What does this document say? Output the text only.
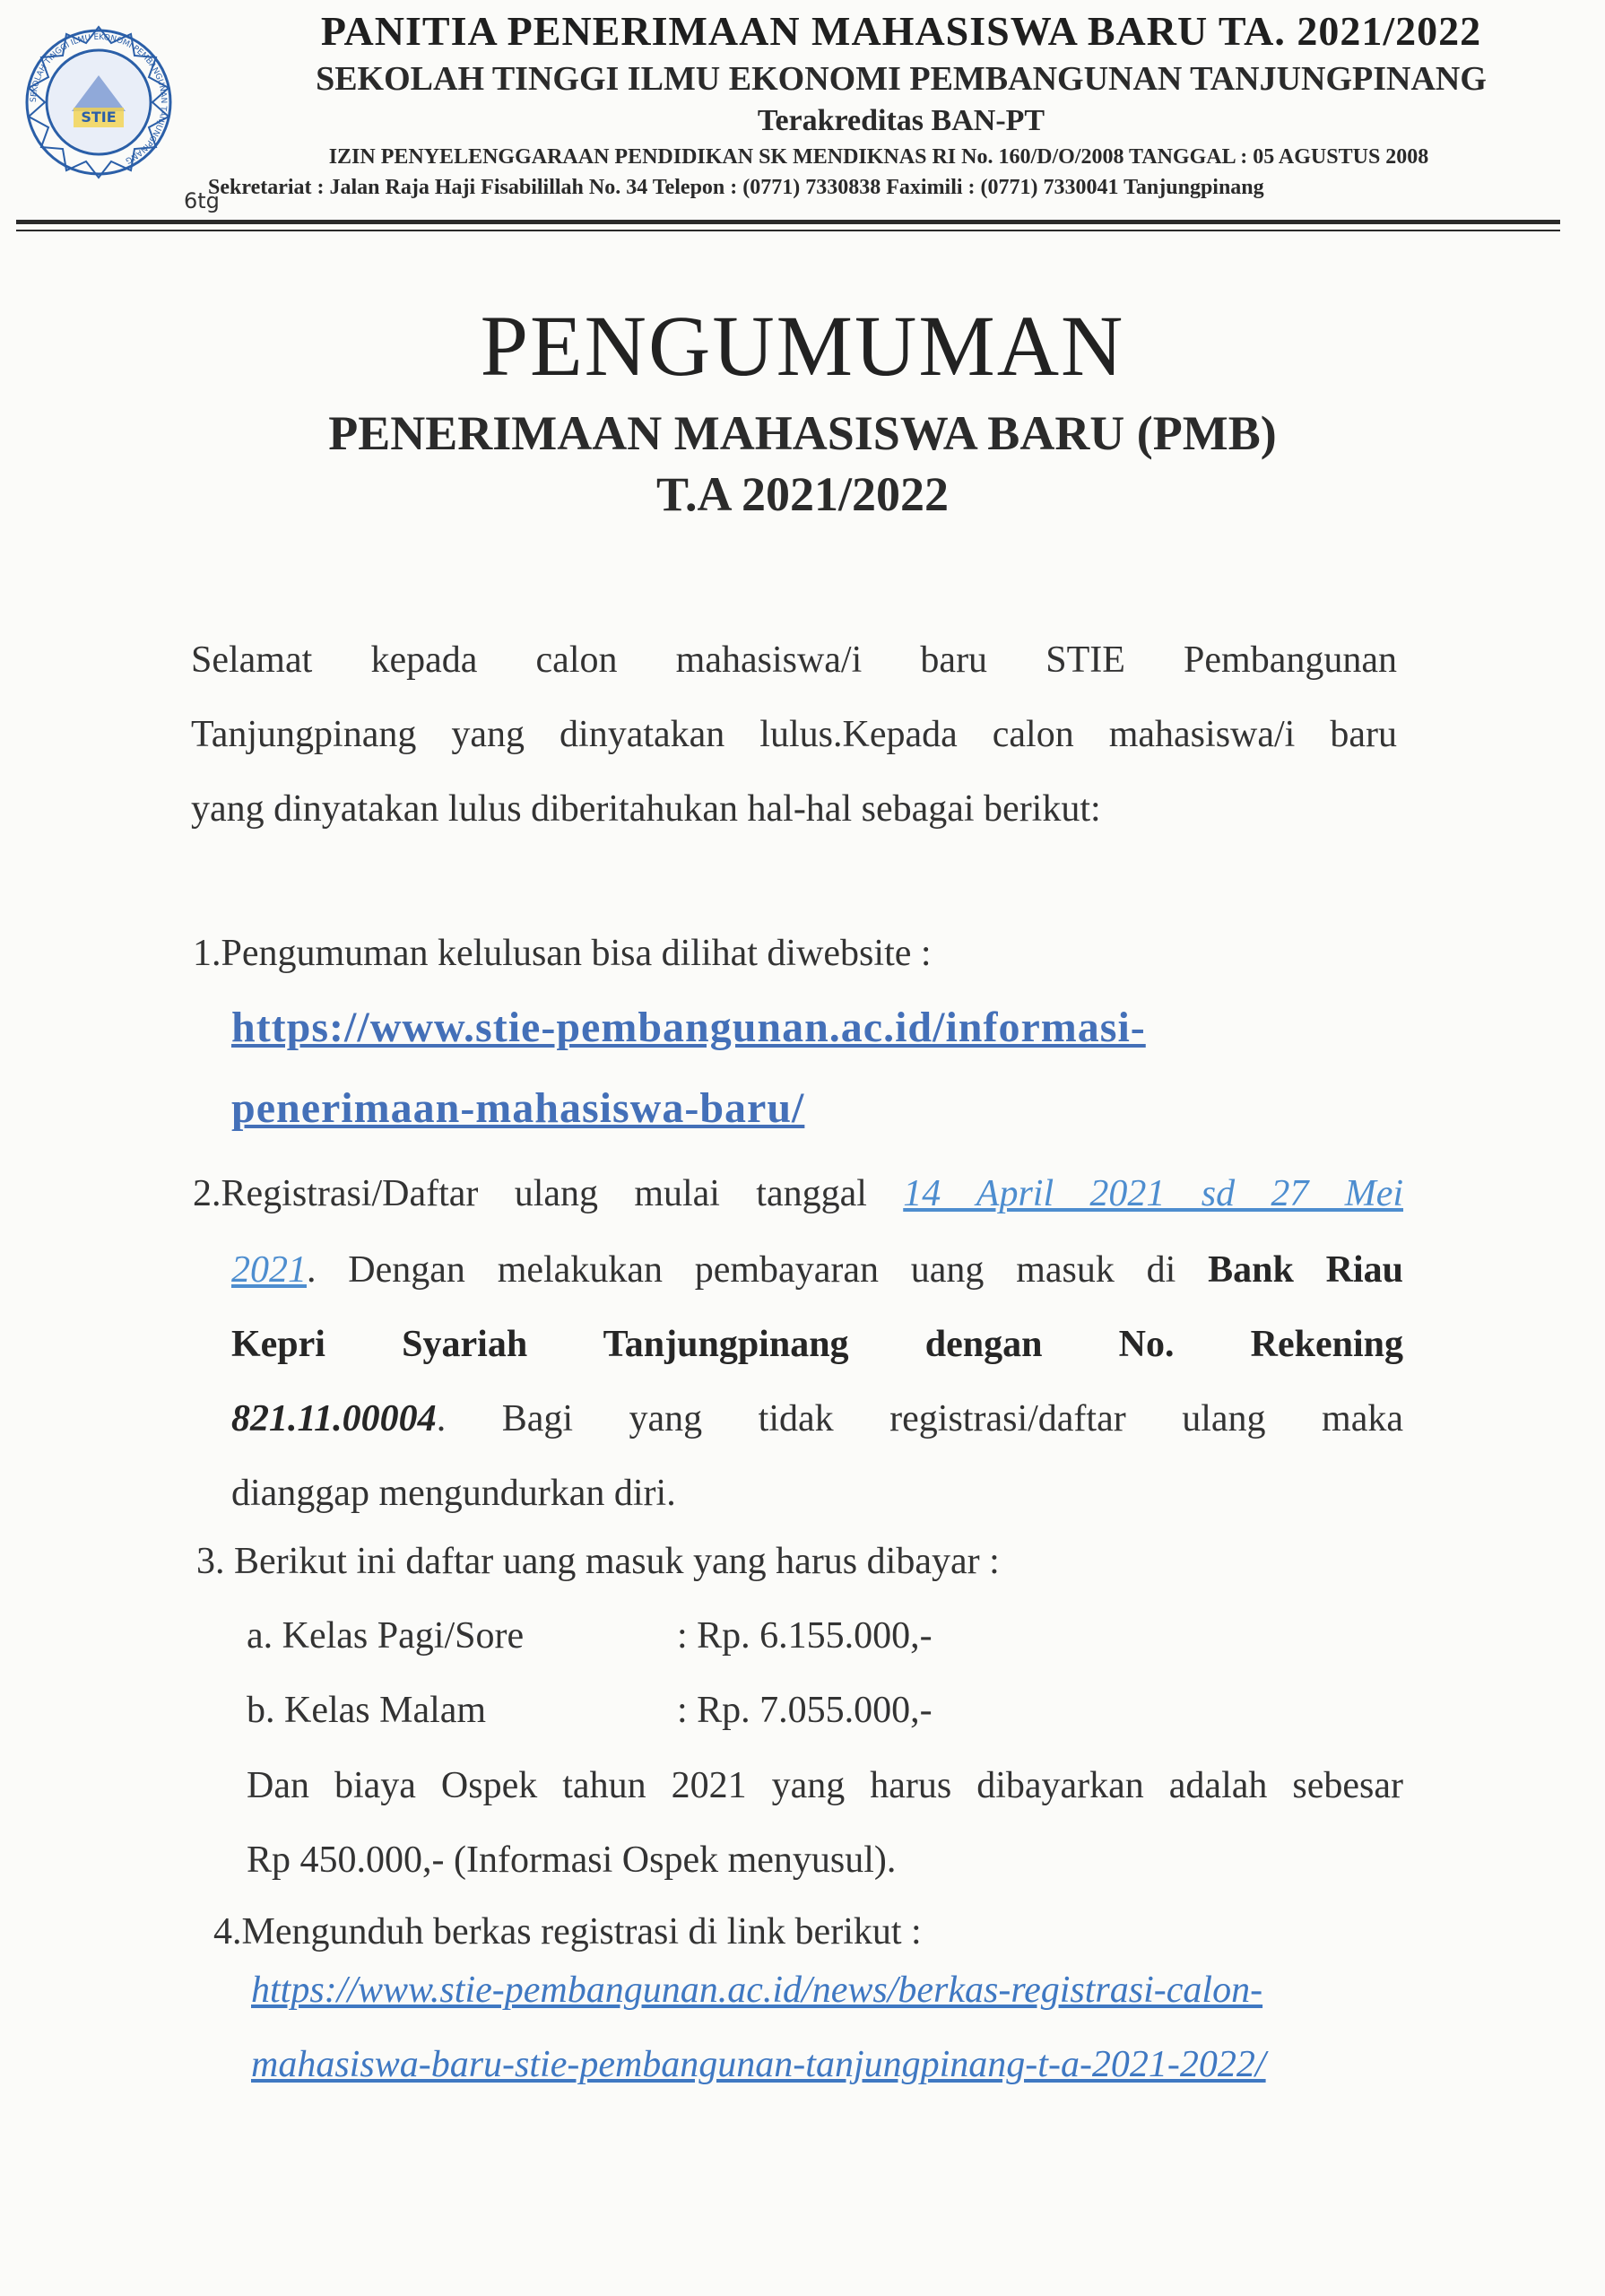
STIE
SEKOLAH TINGGI ILMU EKONOMI PEMBANGUNAN TANJUNGPINANG

PANITIA PENERIMAAN MAHASISWA BARU TA. 2021/2022

SEKOLAH TINGGI ILMU EKONOMI PEMBANGUNAN TANJUNGPINANG

Terakreditas BAN-PT

IZIN PENYELENGGARAAN PENDIDIKAN SK MENDIKNAS RI No. 160/D/O/2008 TANGGAL : 05 AGUSTUS 2008

Sekretariat : Jalan Raja Haji Fisabilillah No. 34 Telepon : (0771) 7330838 Faximili : (0771) 7330041 Tanjungpinang

6tg
PENGUMUMAN
PENERIMAAN MAHASISWA BARU (PMB)
T.A 2021/2022
Selamat kepada calon mahasiswa/i baru STIE Pembangunan
Tanjungpinang yang dinyatakan lulus.Kepada calon mahasiswa/i baru
yang dinyatakan lulus diberitahukan hal-hal sebagai berikut:
1.Pengumuman kelulusan bisa dilihat diwebsite :
https://www.stie-pembangunan.ac.id/informasi-
penerimaan-mahasiswa-baru/
2.Registrasi/Daftar ulang mulai tanggal 14 April 2021 sd 27 Mei
2021. Dengan melakukan pembayaran uang masuk di Bank Riau
Kepri Syariah Tanjungpinang dengan No. Rekening
821.11.00004. Bagi yang tidak registrasi/daftar ulang maka
dianggap mengundurkan diri.
3. Berikut ini daftar uang masuk yang harus dibayar :
a. Kelas Pagi/Sore	: Rp. 6.155.000,-
b. Kelas Malam	: Rp. 7.055.000,-
Dan biaya Ospek tahun 2021 yang harus dibayarkan adalah sebesar
Rp 450.000,- (Informasi Ospek menyusul).
4.Mengunduh berkas registrasi di link berikut :
https://www.stie-pembangunan.ac.id/news/berkas-registrasi-calon-
mahasiswa-baru-stie-pembangunan-tanjungpinang-t-a-2021-2022/
